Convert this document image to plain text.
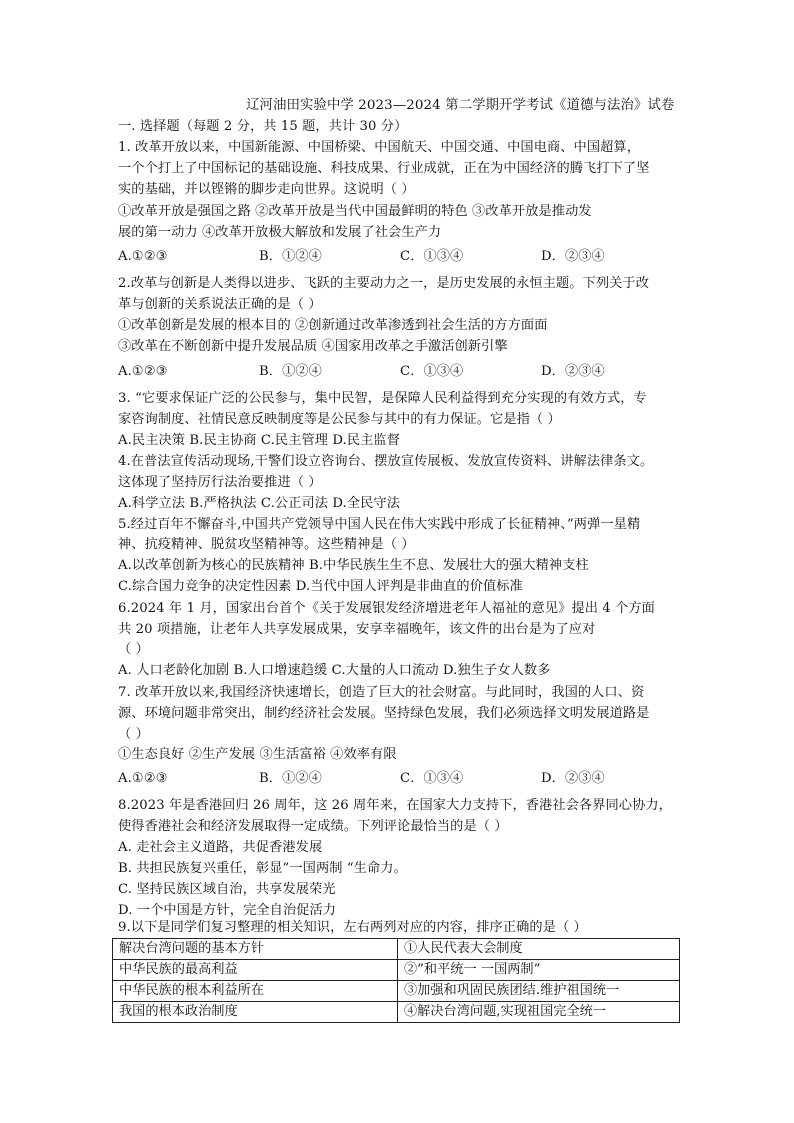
辽河油田实验中学 2023—2024 第二学期开学考试《道德与法治》试卷
一. 选择题（每题 2 分，共 15 题，共计 30 分）
1. 改革开放以来，中国新能源、中国桥梁、中国航天、中国交通、中国电商、中国超算，
一个个打上了中国标记的基础设施、科技成果、行业成就，正在为中国经济的腾飞打下了坚
实的基础，并以铿锵的脚步走向世界。这说明（ ）
①改革开放是强国之路 ②改革开放是当代中国最鲜明的特色 ③改革开放是推动发
展的第一动力 ④改革开放极大解放和发展了社会生产力
A.①②③	B．①②④	C．①③④	D．②③④
2.改革与创新是人类得以进步、飞跃的主要动力之一，是历史发展的永恒主题。下列关于改
革与创新的关系说法正确的是（ ）
①改革创新是发展的根本目的 ②创新通过改革渗透到社会生活的方方面面
③改革在不断创新中提升发展品质 ④国家用改革之手激活创新引擎
A.①②③	B．①②④	C．①③④	D．②③④
3. “它要求保证广泛的公民参与，集中民智，是保障人民利益得到充分实现的有效方式，专
家咨询制度、社情民意反映制度等是公民参与其中的有力保证。它是指（ ）
A.民主决策 B.民主协商 C.民主管理 D.民主监督
4.在普法宣传活动现场,干警们设立咨询台、摆放宣传展板、发放宣传资料、讲解法律条文。
这体现了坚持厉行法治要推进（ ）
A.科学立法 B.严格执法 C.公正司法 D.全民守法
5.经过百年不懈奋斗,中国共产党领导中国人民在伟大实践中形成了长征精神、”两弹一星精
神、抗疫精神、脱贫攻坚精神等。这些精神是（ ）
A.以改革创新为核心的民族精神 B.中华民族生生不息、发展壮大的强大精神支柱
C.综合国力竞争的决定性因素 D.当代中国人评判是非曲直的价值标准
6.2024 年 1 月，国家出台首个《关于发展银发经济增进老年人福祉的意见》提出 4 个方面
共 20 项措施，让老年人共享发展成果，安享幸福晚年，该文件的出台是为了应对
（ ）
A. 人口老龄化加剧 B.人口增速趋缓 C.大量的人口流动 D.独生子女人数多
7. 改革开放以来,我国经济快速增长，创造了巨大的社会财富。与此同时，我国的人口、资
源、环境问题非常突出，制约经济社会发展。坚持绿色发展，我们必须选择文明发展道路是
（ ）
①生态良好 ②生产发展 ③生活富裕 ④效率有限
A.①②③	B．①②④	C．①③④	D．②③④
8.2023 年是香港回归 26 周年，这 26 周年来，在国家大力支持下，香港社会各界同心协力，
使得香港社会和经济发展取得一定成绩。下列评论最恰当的是（ ）
A. 走社会主义道路，共促香港发展
B. 共担民族复兴重任，彰显”一国两制 “生命力。
C. 坚持民族区域自治，共享发展荣光
D. 一个中国是方针，完全自治促活力
9.以下是同学们复习整理的相关知识，左右两列对应的内容，排序正确的是（ ）
解决台湾问题的基本方针	①人民代表大会制度
中华民族的最高利益	②”和平统一 一国两制”
中华民族的根本利益所在	③加强和巩固民族团结.维护祖国统一
我国的根本政治制度	④解决台湾问题,实现祖国完全统一
